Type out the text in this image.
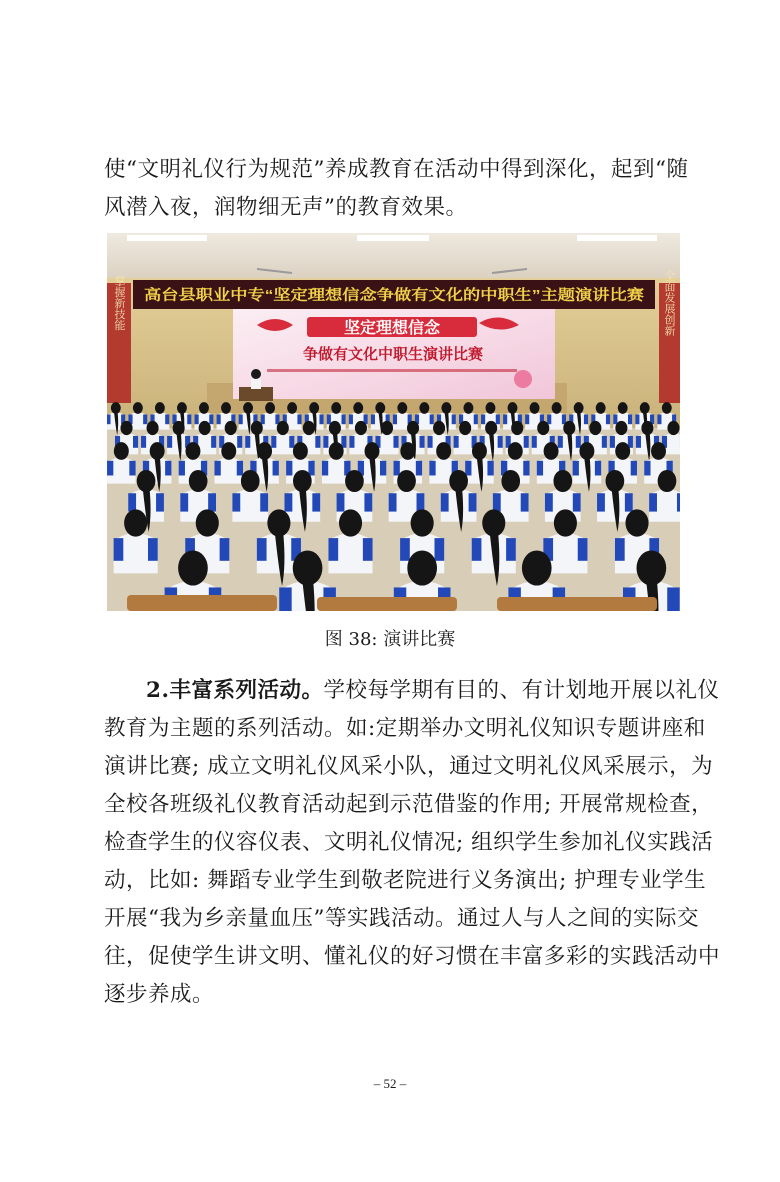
使“文明礼仪行为规范”养成教育在活动中得到深化，起到“随
风潜入夜，润物细无声”的教育效果。

掌握新技能	全面发展创新
高台县职业中专“坚定理想信念争做有文化的中职生”主题演讲比赛
坚定理想信念
争做有文化中职生演讲比赛
图 38: 演讲比赛

2.丰富系列活动。学校每学期有目的、有计划地开展以礼仪
教育为主题的系列活动。如:定期举办文明礼仪知识专题讲座和
演讲比赛; 成立文明礼仪风采小队，通过文明礼仪风采展示，为
全校各班级礼仪教育活动起到示范借鉴的作用; 开展常规检查，
检查学生的仪容仪表、文明礼仪情况; 组织学生参加礼仪实践活
动，比如: 舞蹈专业学生到敬老院进行义务演出; 护理专业学生
开展“我为乡亲量血压”等实践活动。通过人与人之间的实际交
往，促使学生讲文明、懂礼仪的好习惯在丰富多彩的实践活动中
逐步养成。

– 52 –
